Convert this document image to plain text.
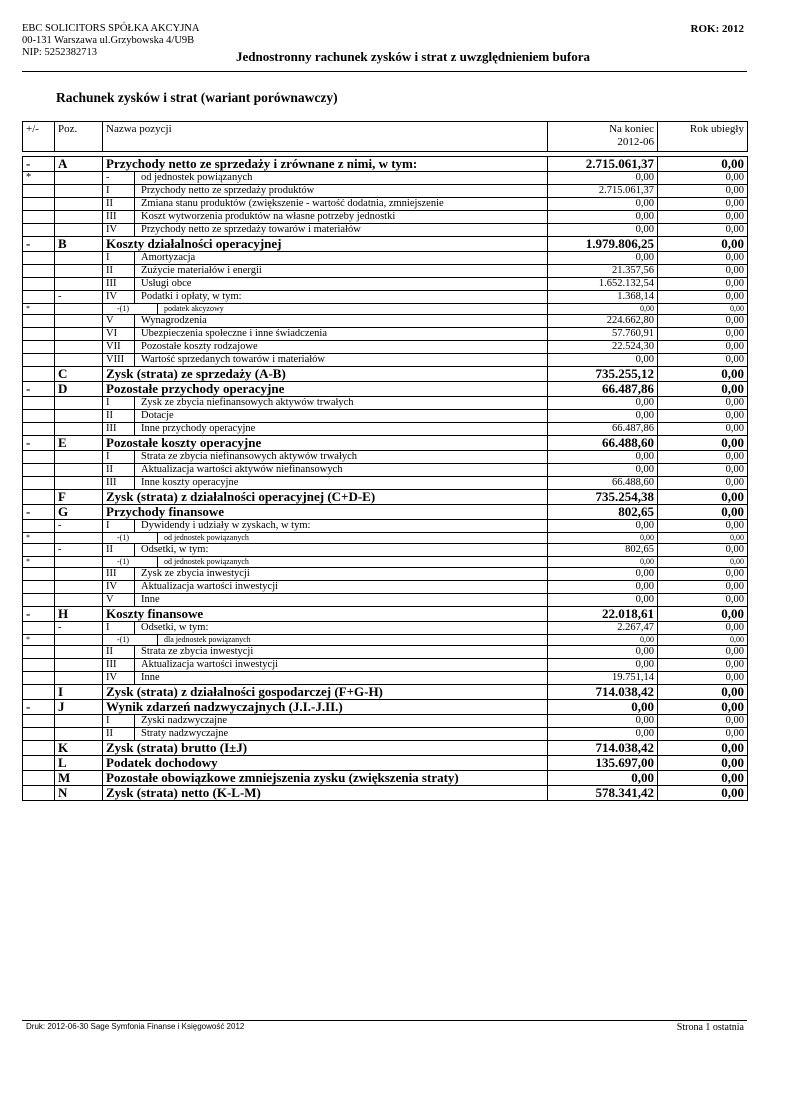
EBC SOLICITORS SPÓŁKA AKCYJNA
00-131 Warszawa ul.Grzybowska 4/U9B
NIP: 5252382713
ROK: 2012
Jednostronny rachunek zysków i strat z uwzględnieniem bufora
Rachunek zysków i strat (wariant porównawczy)
+/-	Poz.	Nazwa pozycji	Na koniec
2012-06	Rok ubiegły

-	A	Przychody netto ze sprzedaży i zrównane z nimi, w tym:	2.715.061,37	0,00
*		- od jednostek powiązanych	0,00	0,00

		I Przychody netto ze sprzedaży produktów	2.715.061,37	0,00

		II Zmiana stanu produktów (zwiększenie - wartość dodatnia, zmniejszenie	0,00	0,00

		III Koszt wytworzenia produktów na własne potrzeby jednostki	0,00	0,00

		IV Przychody netto ze sprzedaży towarów i materiałów	0,00	0,00
-	B	Koszty działalności operacyjnej	1.979.806,25	0,00

		I Amortyzacja	0,00	0,00

		II Zużycie materiałów i energii	21.357,56	0,00

		III Usługi obce	1.652.132,54	0,00
	-	IV Podatki i opłaty, w tym:	1.368,14	0,00
*		-(1) podatek akcyzowy	0,00	0,00

		V Wynagrodzenia	224.662,80	0,00

		VI Ubezpieczenia społeczne i inne świadczenia	57.760,91	0,00

		VII Pozostałe koszty rodzajowe	22.524,30	0,00

		VIII Wartość sprzedanych towarów i materiałów	0,00	0,00
	C	Zysk (strata) ze sprzedaży (A-B)	735.255,12	0,00
-	D	Pozostałe przychody operacyjne	66.487,86	0,00

		I Zysk ze zbycia niefinansowych aktywów trwałych	0,00	0,00

		II Dotacje	0,00	0,00

		III Inne przychody operacyjne	66.487,86	0,00
-	E	Pozostałe koszty operacyjne	66.488,60	0,00

		I Strata ze zbycia niefinansowych aktywów trwałych	0,00	0,00

		II Aktualizacja wartości aktywów niefinansowych	0,00	0,00

		III Inne koszty operacyjne	66.488,60	0,00
	F	Zysk (strata) z działalności operacyjnej (C+D-E)	735.254,38	0,00
-	G	Przychody finansowe	802,65	0,00
	-	I Dywidendy i udziały w zyskach, w tym:	0,00	0,00
*		-(1) od jednostek powiązanych	0,00	0,00
	-	II Odsetki, w tym:	802,65	0,00
*		-(1) od jednostek powiązanych	0,00	0,00

		III Zysk ze zbycia inwestycji	0,00	0,00

		IV Aktualizacja wartości inwestycji	0,00	0,00

		V Inne	0,00	0,00
-	H	Koszty finansowe	22.018,61	0,00
	-	I Odsetki, w tym:	2.267,47	0,00
*		-(1) dla jednostek powiązanych	0,00	0,00

		II Strata ze zbycia inwestycji	0,00	0,00

		III Aktualizacja wartości inwestycji	0,00	0,00

		IV Inne	19.751,14	0,00
	I	Zysk (strata) z działalności gospodarczej (F+G-H)	714.038,42	0,00
-	J	Wynik zdarzeń nadzwyczajnych (J.I.-J.II.)	0,00	0,00

		I Zyski nadzwyczajne	0,00	0,00

		II Straty nadzwyczajne	0,00	0,00
	K	Zysk (strata) brutto (I±J)	714.038,42	0,00
	L	Podatek dochodowy	135.697,00	0,00
	M	Pozostałe obowiązkowe zmniejszenia zysku (zwiększenia straty)	0,00	0,00
	N	Zysk (strata) netto (K-L-M)	578.341,42	0,00
Druk: 2012-06-30 Sage Symfonia Finanse i Księgowość 2012	Strona 1 ostatnia
